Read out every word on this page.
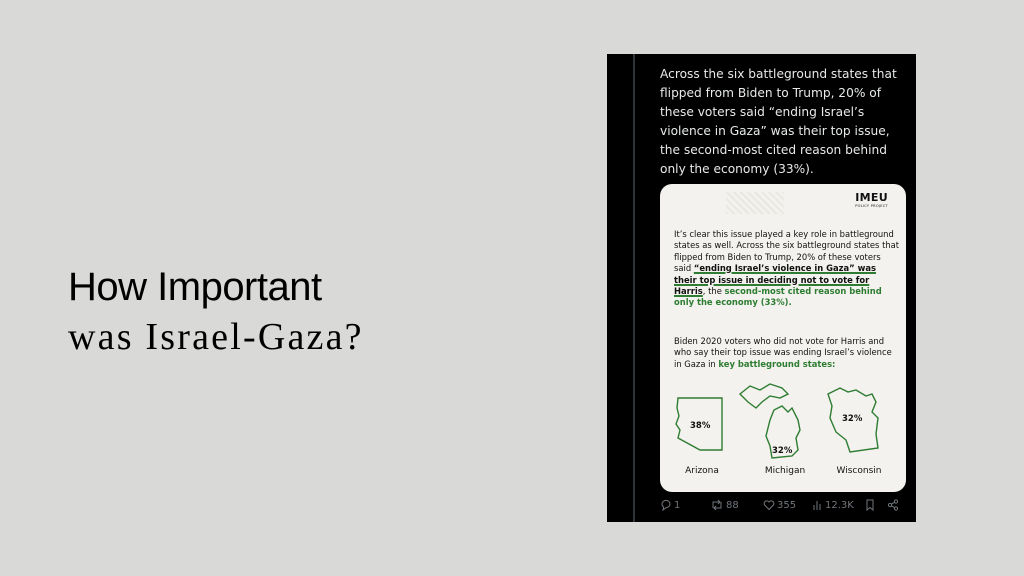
How Important
was Israel-Gaza?
Across the six battleground states that flipped from Biden to Trump, 20% of these voters said “ending Israel’s violence in Gaza” was their top issue, the second-most cited reason behind only the economy (33%).
IMEU
POLICY PROJECT
It’s clear this issue played a key role in battleground states as well. Across the six battleground states that flipped from Biden to Trump, 20% of these voters said “ending Israel’s violence in Gaza” was their top issue in deciding not to vote for Harris, the second-most cited reason behind only the economy (33%).
Biden 2020 voters who did not vote for Harris and who say their top issue was ending Israel’s violence in Gaza in key battleground states:
38%
Arizona
32%
Michigan
32%
Wisconsin
1	88	355	12.3K
